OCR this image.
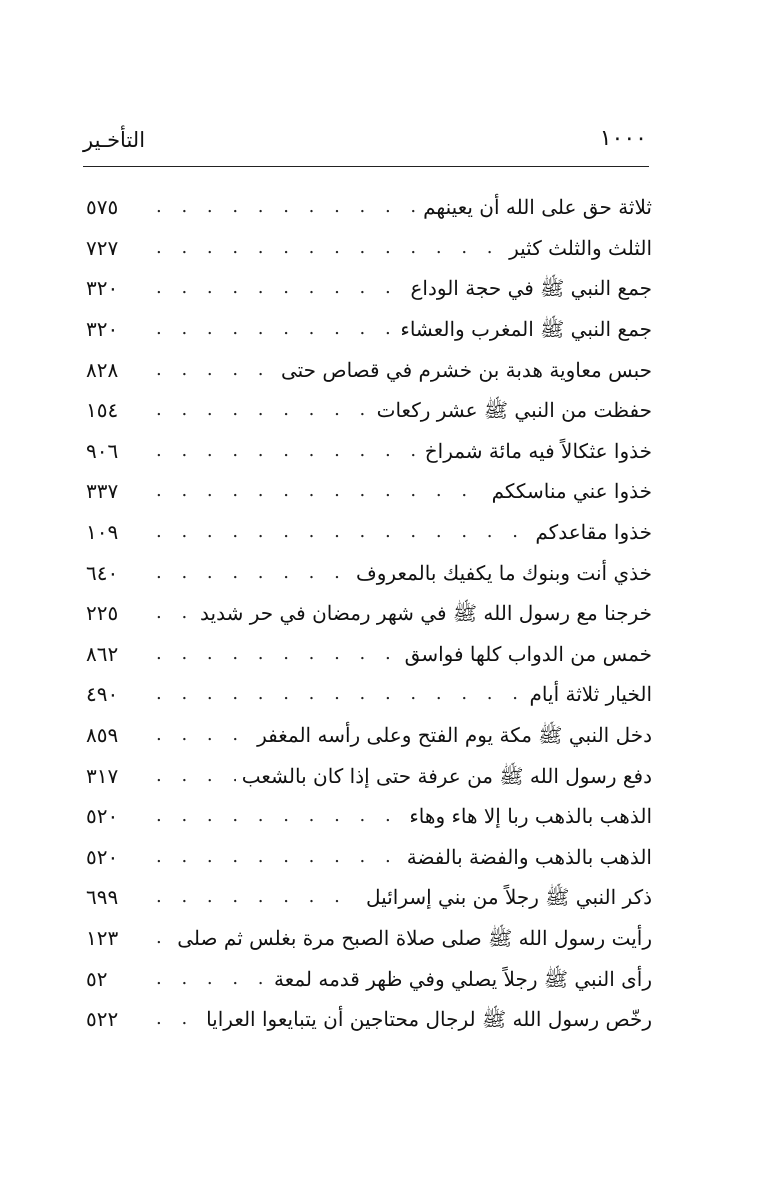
التأخـير	١٠٠٠
ثلاثة حق على الله أن يعينهم
. . .
٥٧٥
الثلث والثلث كثير
. . .
٧٢٧
جمع النبي ﷺ في حجة الوداع
. . .
٣٢٠
جمع النبي ﷺ المغرب والعشاء
. . .
٣٢٠
حبس معاوية هدبة بن خشرم في قصاص حتى
. . .
٨٢٨
حفظت من النبي ﷺ عشر ركعات
. . .
١٥٤
خذوا عثكالاً فيه مائة شمراخ
. . .
٩٠٦
خذوا عني مناسككم
. . .
٣٣٧
خذوا مقاعدكم
. . .
١٠٩
خذي أنت وبنوك ما يكفيك بالمعروف
. . .
٦٤٠
خرجنا مع رسول الله ﷺ في شهر رمضان في حر شديد
. . .
٢٢٥
خمس من الدواب كلها فواسق
. . .
٨٦٢
الخيار ثلاثة أيام
. . .
٤٩٠
دخل النبي ﷺ مكة يوم الفتح وعلى رأسه المغفر
. . .
٨٥٩
دفع رسول الله ﷺ من عرفة حتى إذا كان بالشعب
. . .
٣١٧
الذهب بالذهب ربا إلا هاء وهاء
. . .
٥٢٠
الذهب بالذهب والفضة بالفضة
. . .
٥٢٠
ذكر النبي ﷺ رجلاً من بني إسرائيل
. . .
٦٩٩
رأيت رسول الله ﷺ صلى صلاة الصبح مرة بغلس ثم صلى
. . .
١٢٣
رأى النبي ﷺ رجلاً يصلي وفي ظهر قدمه لمعة
. . .
٥٢
رخّص رسول الله ﷺ لرجال محتاجين أن يتبايعوا العرايا
. . .
٥٢٢
